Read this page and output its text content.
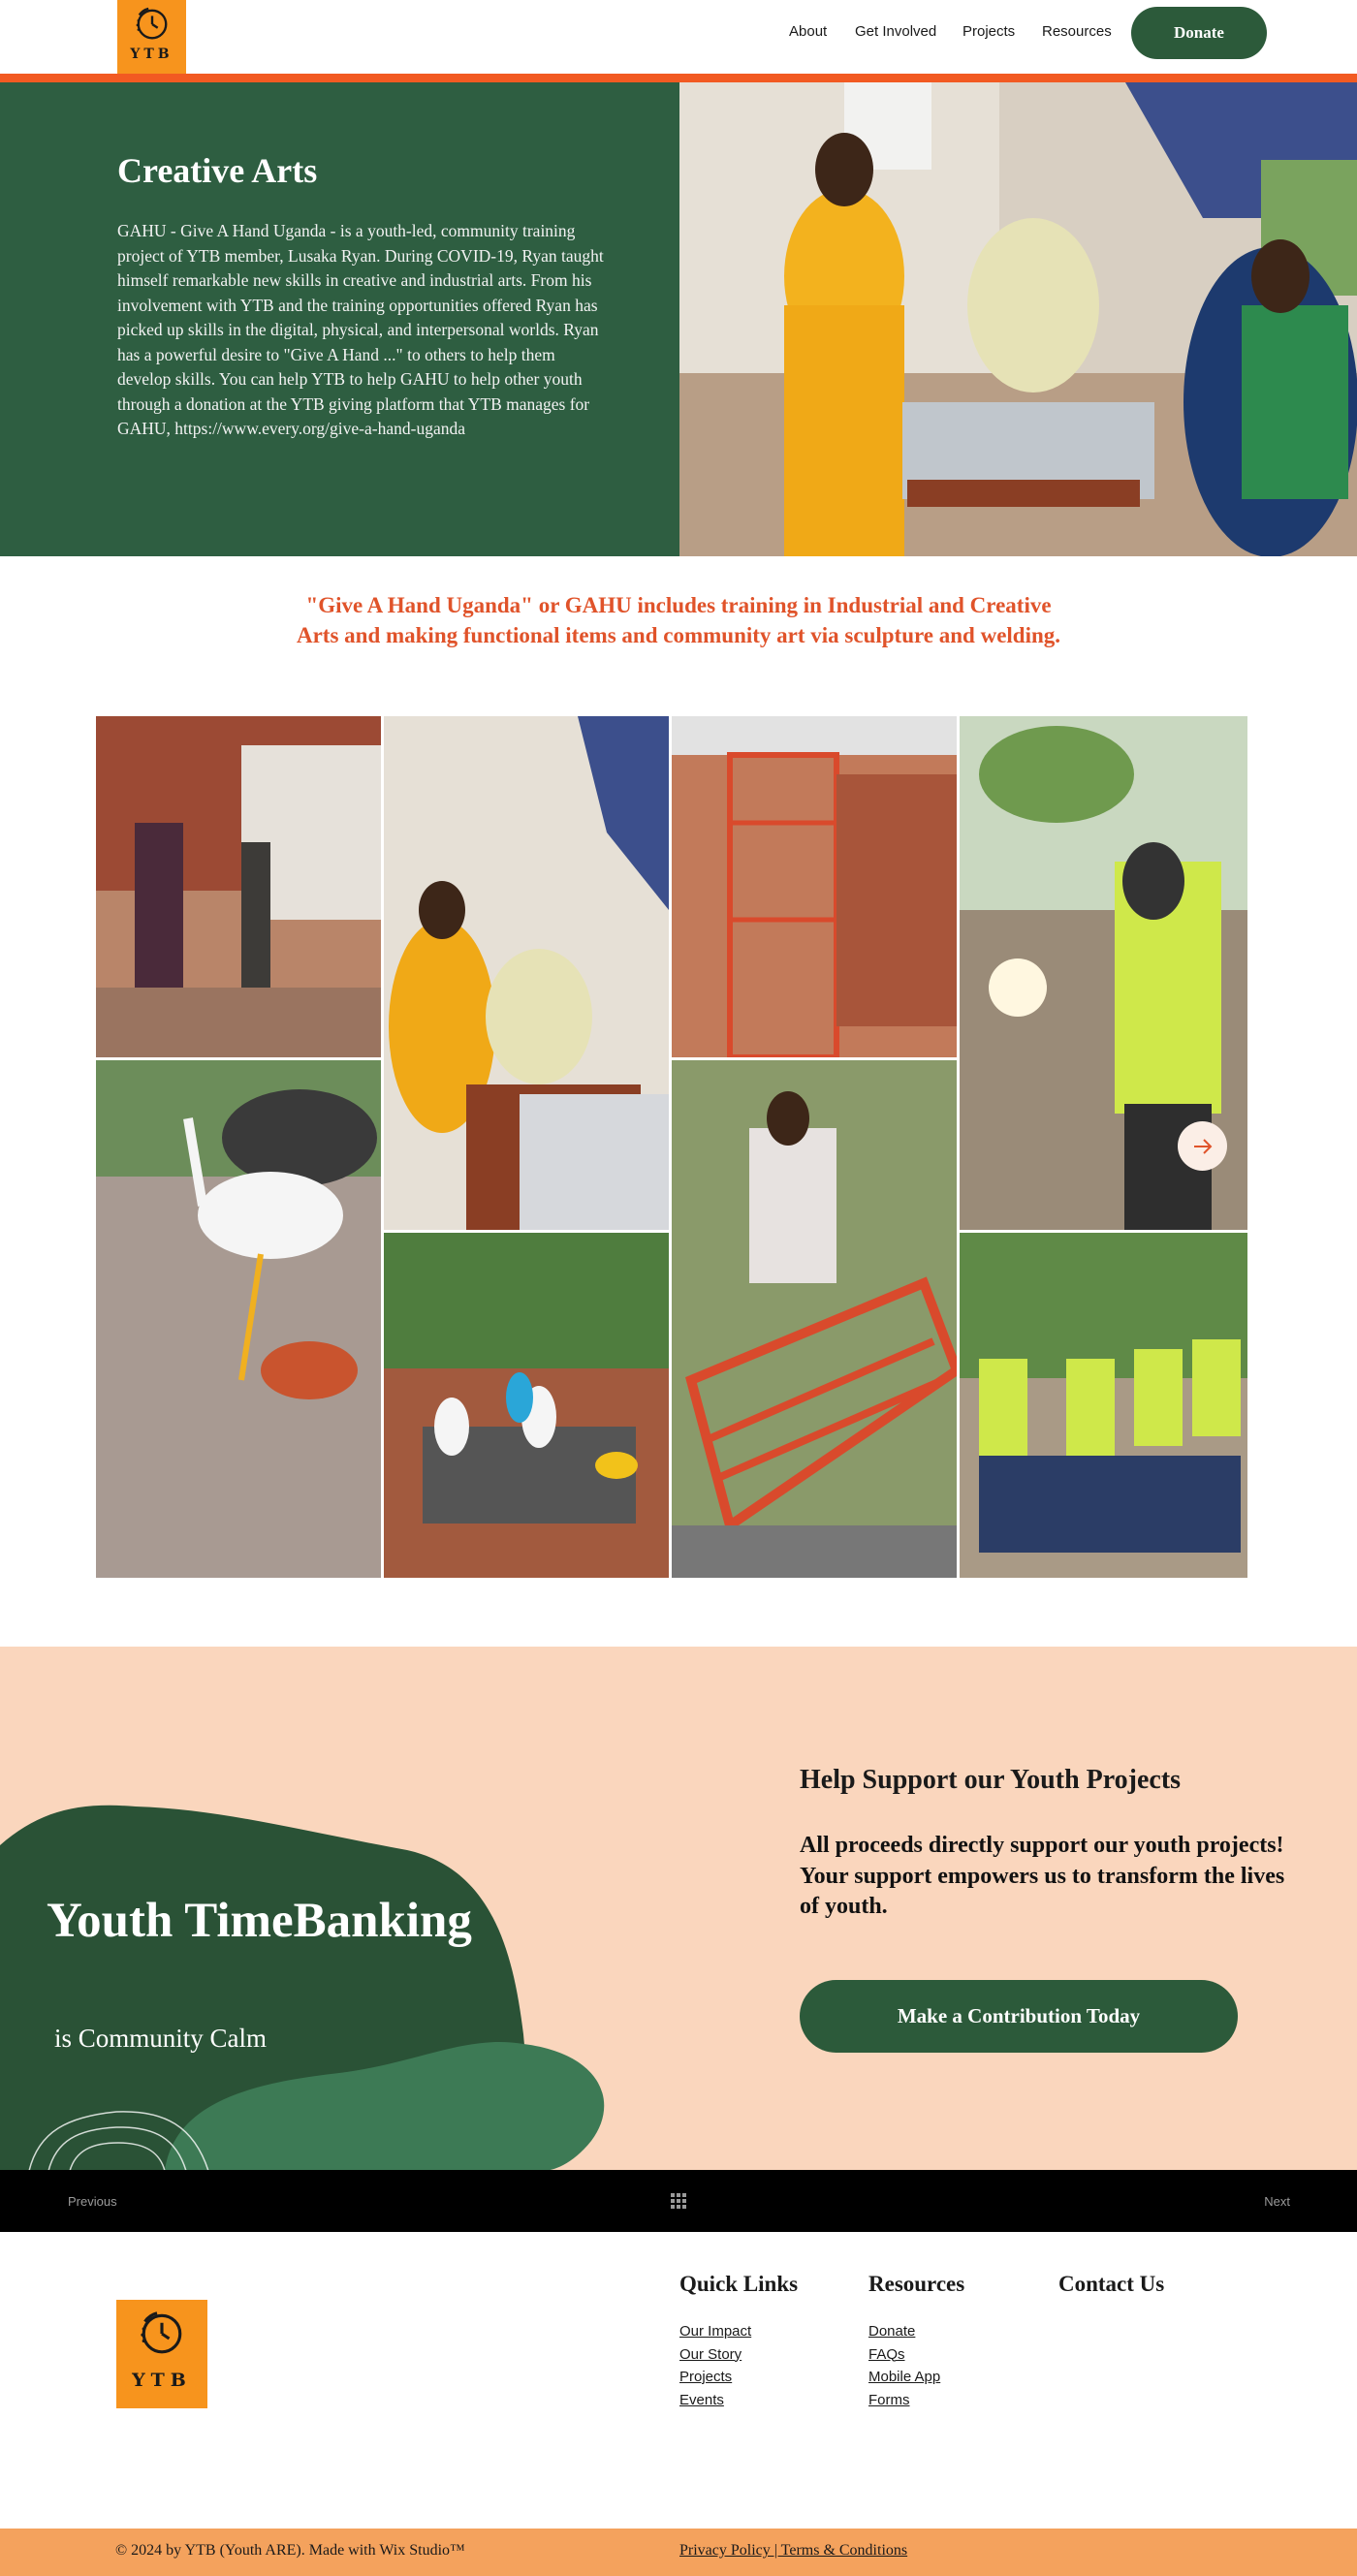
YTB
About Get Involved Projects Resources	Donate
Creative Arts

GAHU - Give A Hand Uganda - is a youth-led, community training project of YTB member, Lusaka Ryan. During COVID-19, Ryan taught himself remarkable new skills in creative and industrial arts. From his involvement with YTB and the training opportunities offered Ryan has picked up skills in the digital, physical, and interpersonal worlds. Ryan has a powerful desire to "Give A Hand ..." to others to help them develop skills. You can help YTB to help GAHU to help other youth through a donation at the YTB giving platform that YTB manages for GAHU, https://www.every.org/give-a-hand-uganda

"Give A Hand Uganda" or GAHU includes training in Industrial and Creative Arts and making functional items and community art via sculpture and welding.

Youth TimeBanking
is Community Calm
Help Support our Youth Projects
All proceeds directly support our youth projects!
Your support empowers us to transform the lives of youth.
Make a Contribution Today
Previous	Next
YTB
Quick Links	Resources	Contact Us
Our Impact
Our Story
Projects
Events
Donate
FAQs
Mobile App
Forms
© 2024 by YTB (Youth ARE). Made with Wix Studio™	Privacy Policy | Terms & Conditions
